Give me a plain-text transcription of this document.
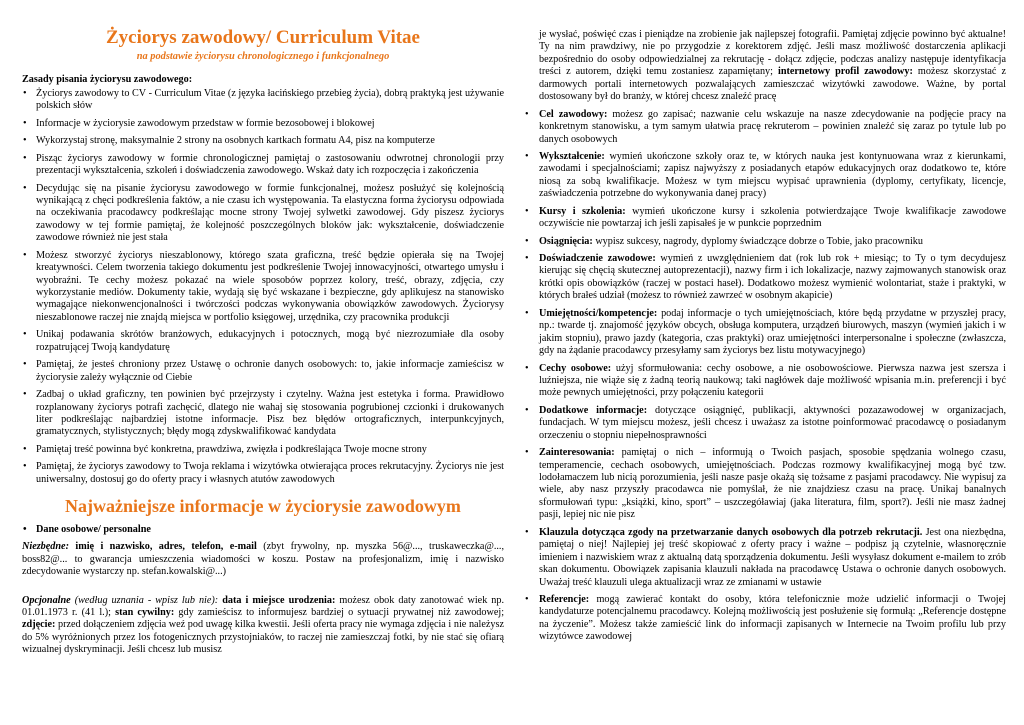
Życiorys zawodowy/ Curriculum Vitae
na podstawie życiorysu chronologicznego i funkcjonalnego
Zasady pisania życiorysu zawodowego:
• Życiorys zawodowy to CV - Curriculum Vitae (z języka łacińskiego przebieg życia), dobrą praktyką jest używanie polskich słów
• Informacje w życiorysie zawodowym przedstaw w formie bezosobowej i blokowej
• Wykorzystaj stronę, maksymalnie 2 strony na osobnych kartkach formatu A4, pisz na komputerze
• Pisząc życiorys zawodowy w formie chronologicznej pamiętaj o zastosowaniu odwrotnej chronologii przy prezentacji wykształcenia, szkoleń i doświadczenia zawodowego. Wskaż daty ich rozpoczęcia i zakończenia
• Decydując się na pisanie życiorysu zawodowego w formie funkcjonalnej, możesz posłużyć się kolejnością wynikającą z chęci podkreślenia faktów, a nie czasu ich występowania. Ta elastyczna forma życiorysu odpowiada na oczekiwania pracodawcy podkreślając mocne strony Twojej sylwetki zawodowej. Gdy piszesz życiorys zawodowy w tej formie pamiętaj, że kolejność poszczególnych bloków jak: wykształcenie, doświadczenie zawodowe również nie jest stała
• Możesz stworzyć życiorys nieszablonowy, którego szata graficzna, treść będzie opierała się na Twojej kreatywności. Celem tworzenia takiego dokumentu jest podkreślenie Twojej innowacyjności, otwartego umysłu i wyobraźni. Te cechy możesz pokazać na wiele sposobów poprzez kolory, treść, obrazy, zdjęcia, czy wykorzystanie mediów. Dokumenty takie, wydają się być wskazane i bezpieczne, gdy aplikujesz na stanowisko wymagające niekonwencjonalności i twórczości podczas wykonywania obowiązków zawodowych. Życiorysy nieszablonowe raczej nie znajdą miejsca w portfolio księgowej, urzędnika, czy pracownika produkcji
• Unikaj podawania skrótów branżowych, edukacyjnych i potocznych, mogą być niezrozumiałe dla osoby rozpatrującej Twoją kandydaturę
• Pamiętaj, że jesteś chroniony przez Ustawę o ochronie danych osobowych: to, jakie informacje zamieścisz w życiorysie zależy wyłącznie od Ciebie
• Zadbaj o układ graficzny, ten powinien być przejrzysty i czytelny. Ważna jest estetyka i forma. Prawidłowo rozplanowany życiorys potrafi zachęcić, dlatego nie wahaj się stosowania pogrubionej czcionki i drukowanych liter podkreślając najbardziej istotne informacje. Pisz bez błędów ortograficznych, interpunkcyjnych, gramatycznych, stylistycznych; błędy mogą zdyskwalifikować kandydata
• Pamiętaj treść powinna być konkretna, prawdziwa, zwięzła i podkreślająca Twoje mocne strony
• Pamiętaj, że życiorys zawodowy to Twoja reklama i wizytówka otwierająca proces rekrutacyjny. Życiorys nie jest uniwersalny, dostosuj go do oferty pracy i własnych atutów zawodowych
Najważniejsze informacje w życiorysie zawodowym
• Dane osobowe/ personalne
Niezbędne: imię i nazwisko, adres, telefon, e-mail (zbyt frywolny, np. myszka 56@..., truskaweczka@..., boss82@... to gwarancja umieszczenia wiadomości w koszu. Postaw na profesjonalizm, imię i nazwisko zdecydowanie wystarczy np. stefan.kowalski@...)
Opcjonalne (według uznania - wpisz lub nie): data i miejsce urodzenia: możesz obok daty zanotować wiek np. 01.01.1973 r. (41 l.); stan cywilny: gdy zamieścisz to informujesz bardziej o sytuacji prywatnej niż zawodowej; zdjęcie: przed dołączeniem zdjęcia weź pod uwagę kilka kwestii. Jeśli oferta pracy nie wymaga zdjęcia i nie należysz do 5% wyróżnionych przez los fotogenicznych przystojniaków, to raczej nie zamieszczaj fotki, by nie stać się ofiarą wizualnej dyskryminacji. Jeśli chcesz lub musisz
je wysłać, poświęć czas i pieniądze na zrobienie jak najlepszej fotografii. Pamiętaj zdjęcie powinno być aktualne! Ty na nim prawdziwy, nie po przygodzie z korektorem zdjęć. Jeśli masz możliwość dostarczenia aplikacji bezpośrednio do osoby odpowiedzialnej za rekrutację - dołącz zdjęcie, podczas analizy następuje identyfikacja treści z autorem, dzięki temu zostaniesz zapamiętany; internetowy profil zawodowy: możesz skorzystać z darmowych portali internetowych pozwalających zamieszczać wizytówki zawodowe. Ważne, by portal dostosowany był do branży, w której chcesz znaleźć pracę
• Cel zawodowy: możesz go zapisać; nazwanie celu wskazuje na nasze zdecydowanie na podjęcie pracy na konkretnym stanowisku, a tym samym ułatwia pracę rekruterom – powinien znaleźć się zaraz po tytule lub po danych osobowych
• Wykształcenie: wymień ukończone szkoły oraz te, w których nauka jest kontynuowana wraz z kierunkami, zawodami i specjalnościami; zapisz najwyższy z posiadanych etapów edukacyjnych oraz dodatkowo te, które niosą za sobą kwalifikacje. Możesz w tym miejscu wypisać uprawnienia (dyplomy, certyfikaty, licencje, zaświadczenia potrzebne do wykonywania danej pracy)
• Kursy i szkolenia: wymień ukończone kursy i szkolenia potwierdzające Twoje kwalifikacje zawodowe oczywiście nie powtarzaj ich jeśli zapisałeś je w punkcie poprzednim
• Osiągnięcia: wypisz sukcesy, nagrody, dyplomy świadczące dobrze o Tobie, jako pracowniku
• Doświadczenie zawodowe: wymień z uwzględnieniem dat (rok lub rok + miesiąc; to Ty o tym decydujesz kierując się chęcią skutecznej autoprezentacji), nazwy firm i ich lokalizacje, nazwy zajmowanych stanowisk oraz krótki opis obowiązków (raczej w postaci haseł). Dodatkowo możesz wymienić wolontariat, staże i praktyki, w których brałeś udział (możesz to również zawrzeć w osobnym akapicie)
• Umiejętności/kompetencje: podaj informacje o tych umiejętnościach, które będą przydatne w przyszłej pracy, np.: twarde tj. znajomość języków obcych, obsługa komputera, urządzeń biurowych, maszyn (wymień jakich i w jakim stopniu), prawo jazdy (kategoria, czas praktyki) oraz umiejętności interpersonalne i społeczne (zwłaszcza, gdy na żądanie pracodawcy przesyłamy sam życiorys bez listu motywacyjnego)
• Cechy osobowe: użyj sformułowania: cechy osobowe, a nie osobowościowe. Pierwsza nazwa jest szersza i luźniejsza, nie wiąże się z żadną teorią naukową; taki nagłówek daje możliwość wpisania m.in. preferencji i być może pewnych umiejętności, przy połączeniu kategorii
• Dodatkowe informacje: dotyczące osiągnięć, publikacji, aktywności pozazawodowej w organizacjach, fundacjach. W tym miejscu możesz, jeśli chcesz i uważasz za istotne poinformować pracodawcę o posiadanym orzeczeniu o stopniu niepełnosprawności
• Zainteresowania: pamiętaj o nich – informują o Twoich pasjach, sposobie spędzania wolnego czasu, temperamencie, cechach osobowych, umiejętnościach. Podczas rozmowy kwalifikacyjnej mogą być tzw. lodołamaczem lub nicią porozumienia, jeśli nasze pasje okażą się tożsame z pasjami pracodawcy. Nie wypisuj za wiele, aby nasz przyszły pracodawca nie pomyślał, że nie znajdziesz czasu na pracę. Unikaj banalnych sformułowań typu: „książki, kino, sport” – uszczegóławiaj (jaka literatura, film, sport?). Jeśli nie masz żadnej pasji, lepiej nic nie pisz
• Klauzula dotycząca zgody na przetwarzanie danych osobowych dla potrzeb rekrutacji. Jest ona niezbędna, pamiętaj o niej! Najlepiej jej treść skopiować z oferty pracy i ważne – podpisz ją czytelnie, własnoręcznie imieniem i nazwiskiem wraz z aktualną datą sporządzenia dokumentu. Jeśli wysyłasz dokument e-mailem to zrób skan dokumentu. Obowiązek zapisania klauzuli nakłada na pracodawcę Ustawa o ochronie danych osobowych. Uważaj treść klauzuli ulega aktualizacji wraz ze zmianami w ustawie
• Referencje: mogą zawierać kontakt do osoby, która telefonicznie może udzielić informacji o Twojej kandydaturze potencjalnemu pracodawcy. Kolejną możliwością jest posłużenie się formułą: „Referencje dostępne na życzenie”. Możesz także zamieścić link do informacji zapisanych w Internecie na Twoim profilu lub przy wizytówce zawodowej
